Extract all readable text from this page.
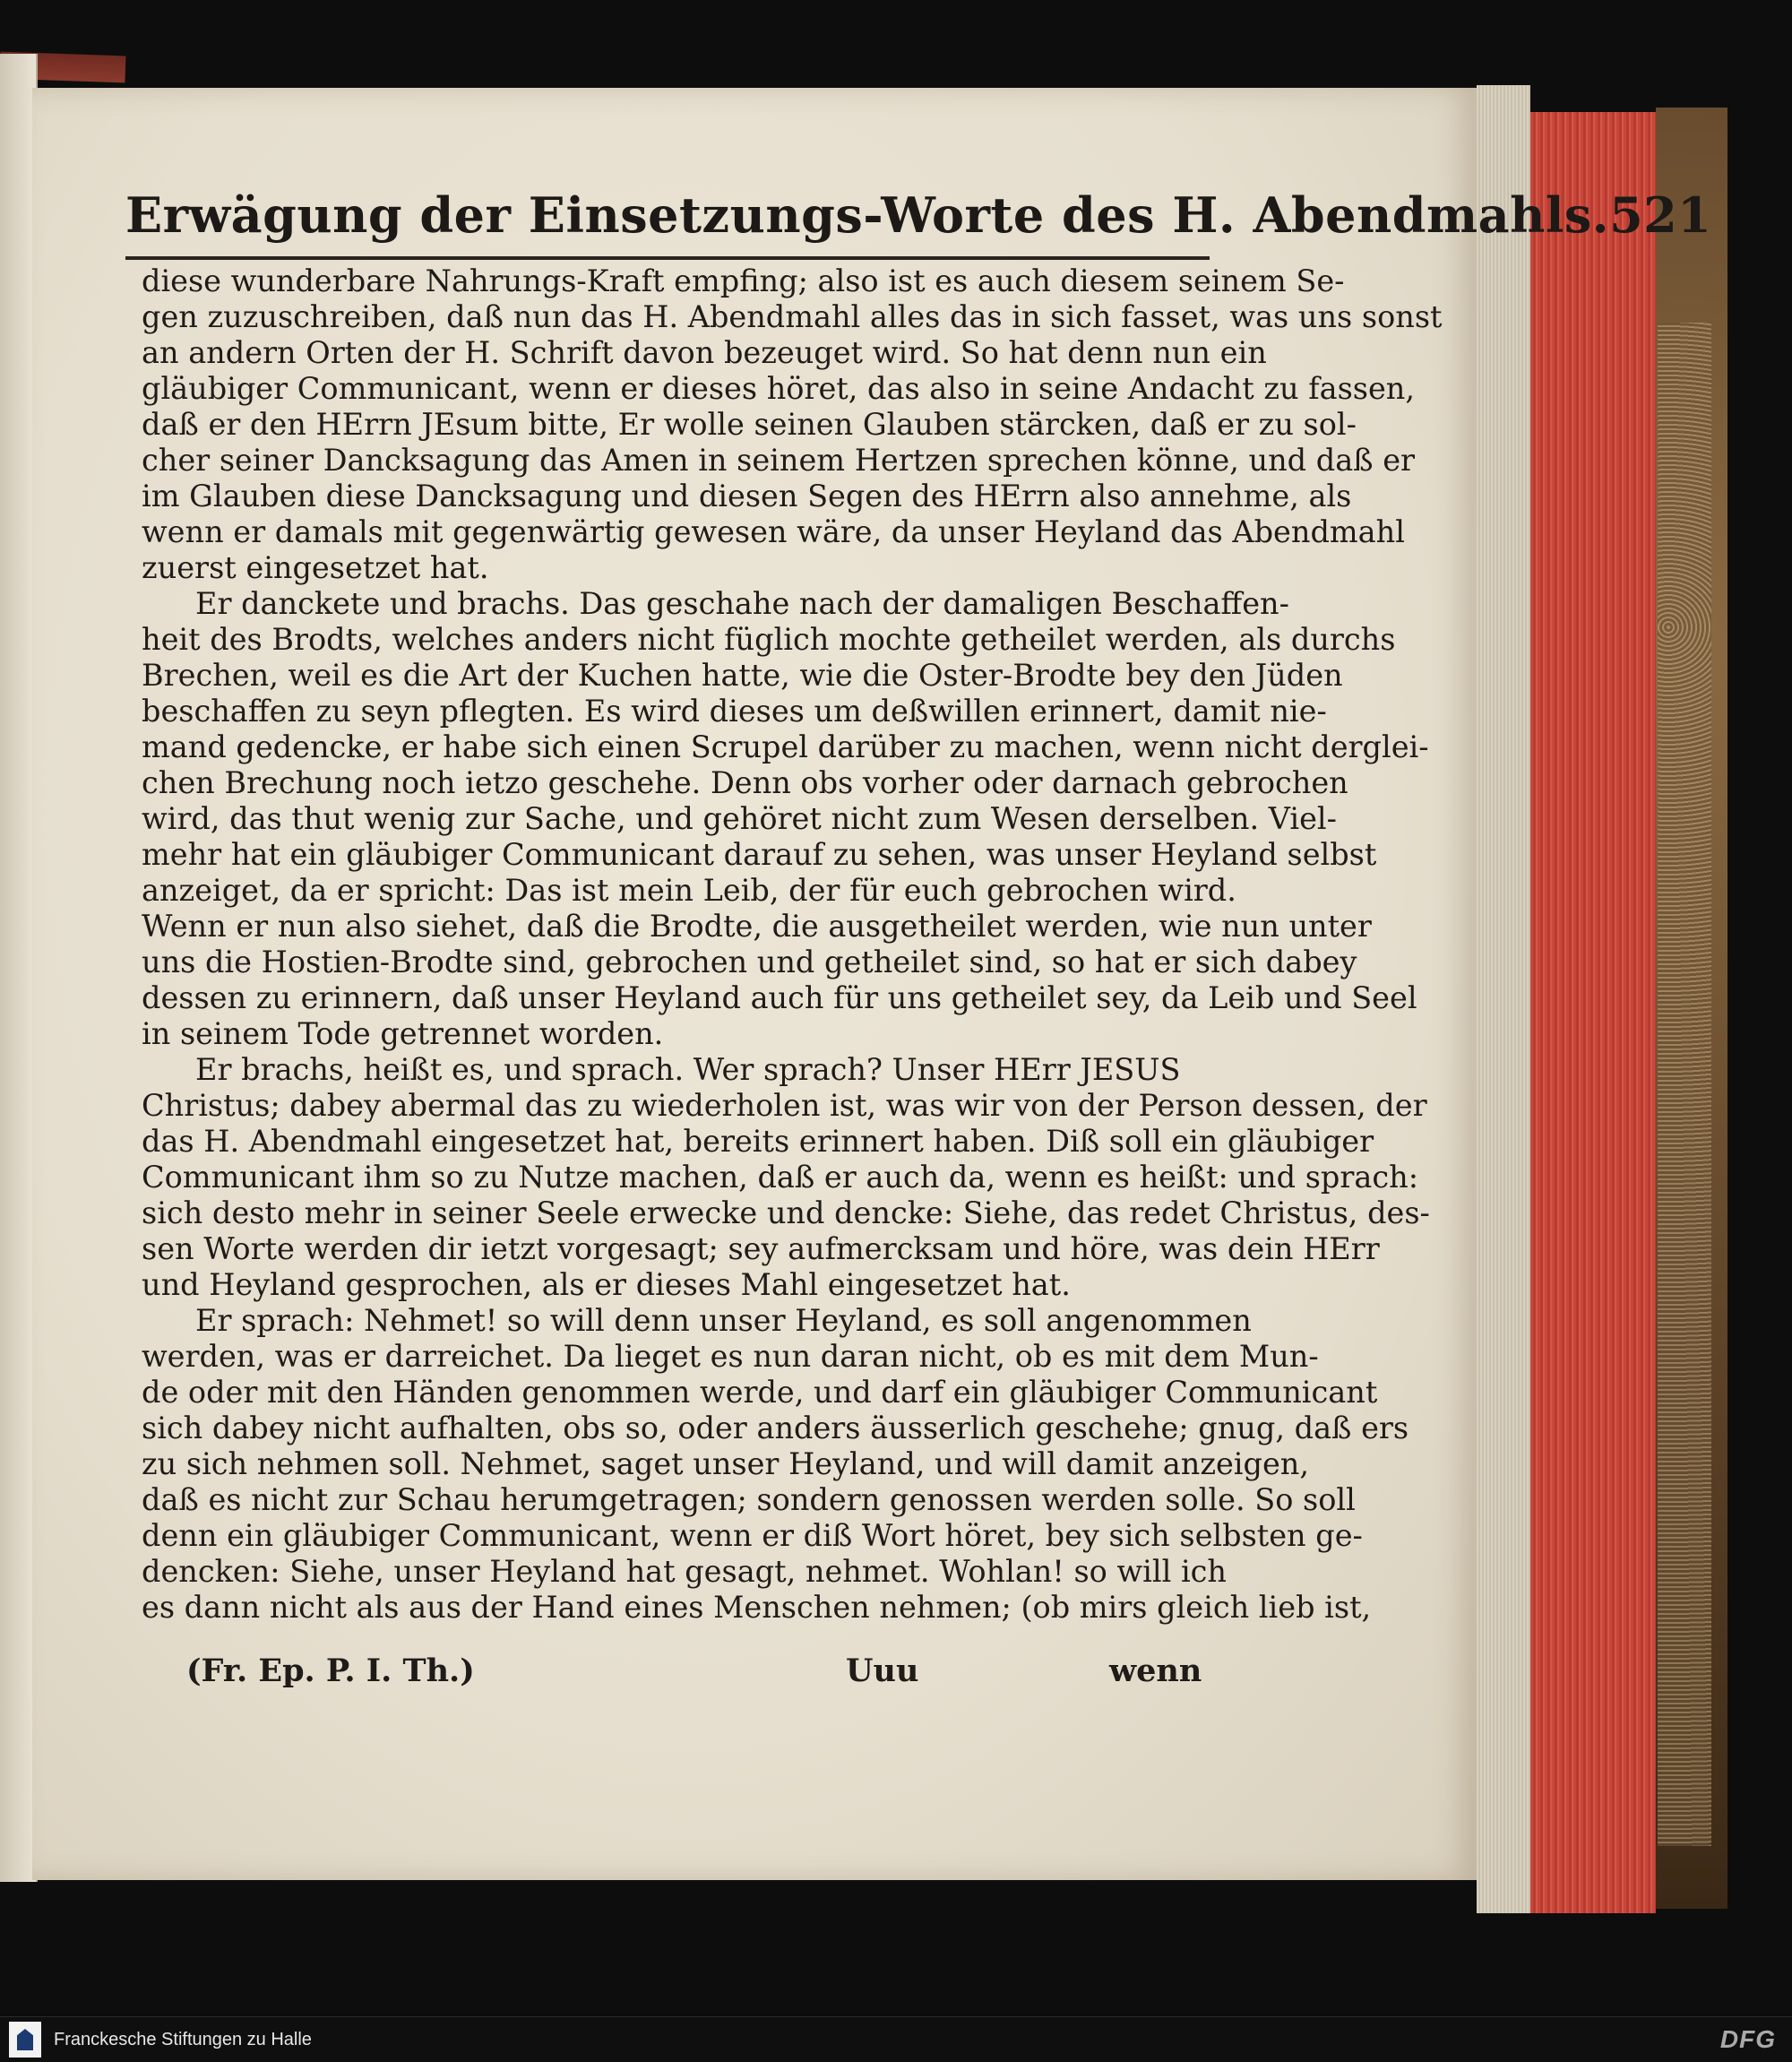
Erwägung der Einsetzungs-Worte des H. Abendmahls. 521
diese wunderbare Nahrungs-Kraft empfing; also ist es auch diesem seinem Se-
gen zuzuschreiben, daß nun das H. Abendmahl alles das in sich fasset, was uns sonst
an andern Orten der H. Schrift davon bezeuget wird. So hat denn nun ein
gläubiger Communicant, wenn er dieses höret, das also in seine Andacht zu fassen,
daß er den HErrn JEsum bitte, Er wolle seinen Glauben stärcken, daß er zu sol-
cher seiner Dancksagung das Amen in seinem Hertzen sprechen könne, und daß er
im Glauben diese Dancksagung und diesen Segen des HErrn also annehme, als
wenn er damals mit gegenwärtig gewesen wäre, da unser Heyland das Abendmahl
zuerst eingesetzet hat.
Er danckete und brachs. Das geschahe nach der damaligen Beschaffen-
heit des Brodts, welches anders nicht füglich mochte getheilet werden, als durchs
Brechen, weil es die Art der Kuchen hatte, wie die Oster-Brodte bey den Jüden
beschaffen zu seyn pflegten. Es wird dieses um deßwillen erinnert, damit nie-
mand gedencke, er habe sich einen Scrupel darüber zu machen, wenn nicht derglei-
chen Brechung noch ietzo geschehe. Denn obs vorher oder darnach gebrochen
wird, das thut wenig zur Sache, und gehöret nicht zum Wesen derselben. Viel-
mehr hat ein gläubiger Communicant darauf zu sehen, was unser Heyland selbst
anzeiget, da er spricht: Das ist mein Leib, der für euch gebrochen wird.
Wenn er nun also siehet, daß die Brodte, die ausgetheilet werden, wie nun unter
uns die Hostien-Brodte sind, gebrochen und getheilet sind, so hat er sich dabey
dessen zu erinnern, daß unser Heyland auch für uns getheilet sey, da Leib und Seel
in seinem Tode getrennet worden.
Er brachs, heißt es, und sprach. Wer sprach? Unser HErr JESUS
Christus; dabey abermal das zu wiederholen ist, was wir von der Person dessen, der
das H. Abendmahl eingesetzet hat, bereits erinnert haben. Diß soll ein gläubiger
Communicant ihm so zu Nutze machen, daß er auch da, wenn es heißt: und sprach:
sich desto mehr in seiner Seele erwecke und dencke: Siehe, das redet Christus, des-
sen Worte werden dir ietzt vorgesagt; sey aufmercksam und höre, was dein HErr
und Heyland gesprochen, als er dieses Mahl eingesetzet hat.
Er sprach: Nehmet! so will denn unser Heyland, es soll angenommen
werden, was er darreichet. Da lieget es nun daran nicht, ob es mit dem Mun-
de oder mit den Händen genommen werde, und darf ein gläubiger Communicant
sich dabey nicht aufhalten, obs so, oder anders äusserlich geschehe; gnug, daß ers
zu sich nehmen soll. Nehmet, saget unser Heyland, und will damit anzeigen,
daß es nicht zur Schau herumgetragen; sondern genossen werden solle. So soll
denn ein gläubiger Communicant, wenn er diß Wort höret, bey sich selbsten ge-
dencken: Siehe, unser Heyland hat gesagt, nehmet. Wohlan! so will ich
es dann nicht als aus der Hand eines Menschen nehmen; (ob mirs gleich lieb ist,
(Fr. Ep. P. I. Th.)	Uuu	wenn
Franckesche Stiftungen zu Halle	DFG
